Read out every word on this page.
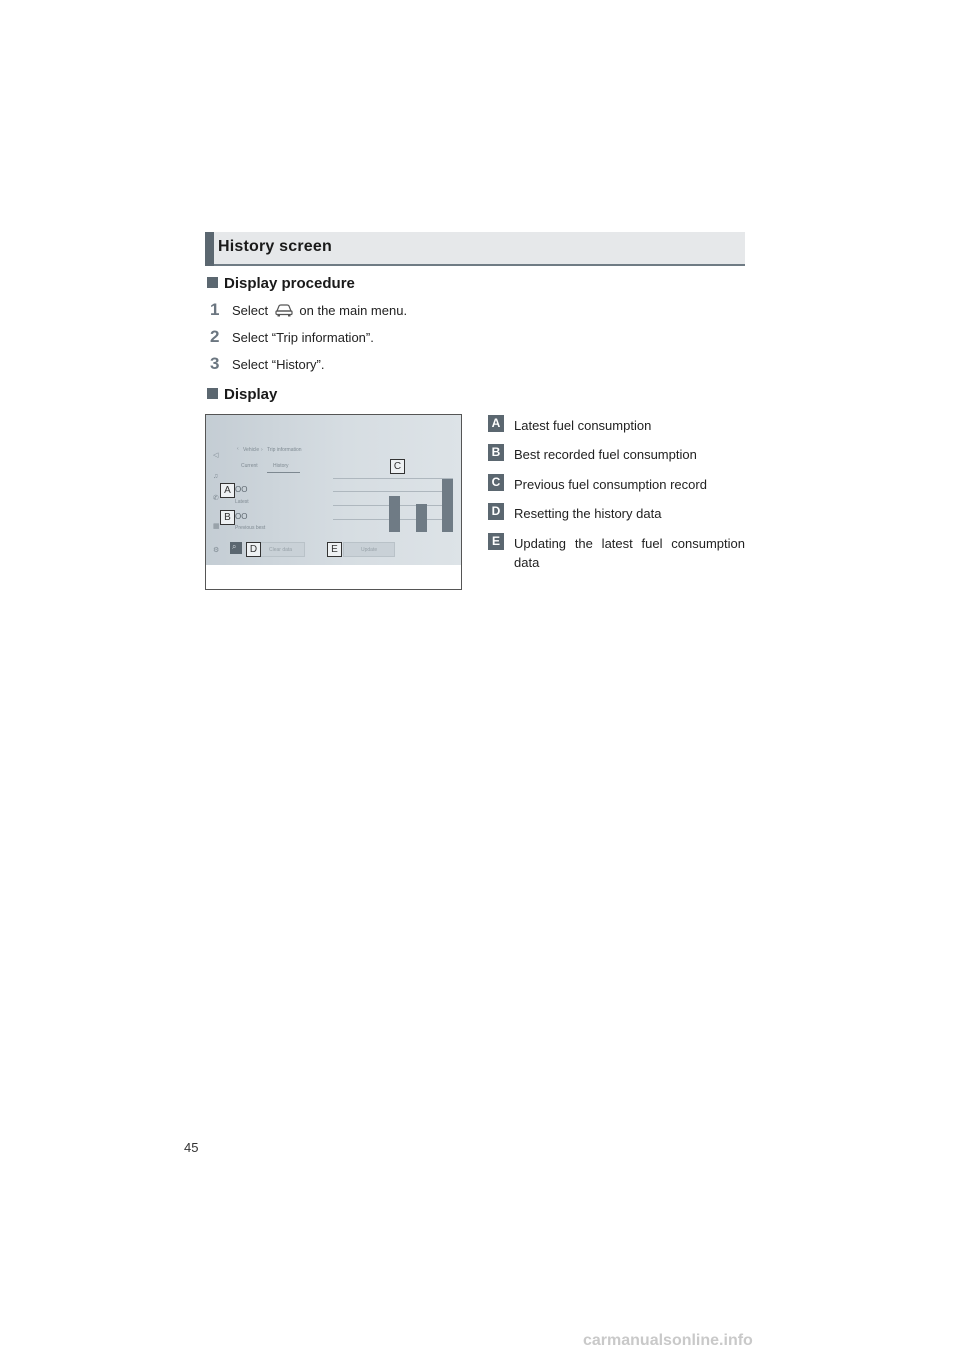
History screen
Display procedure
1 Select on the main menu.
2 Select “Trip information”.
3 Select “History”.
Display
◁
♫
✆
▦
⚙
‹ Vehicle › Trip information
Current	History
OO
Latest
OO
Previous best
⌕	Clear data	Update
C
A
B
D	E
A Latest fuel consumption
B Best recorded fuel consumption
C Previous fuel consumption record
D Resetting the history data
E	Updating the latest fuel consumption data
45
carmanualsonline.info
